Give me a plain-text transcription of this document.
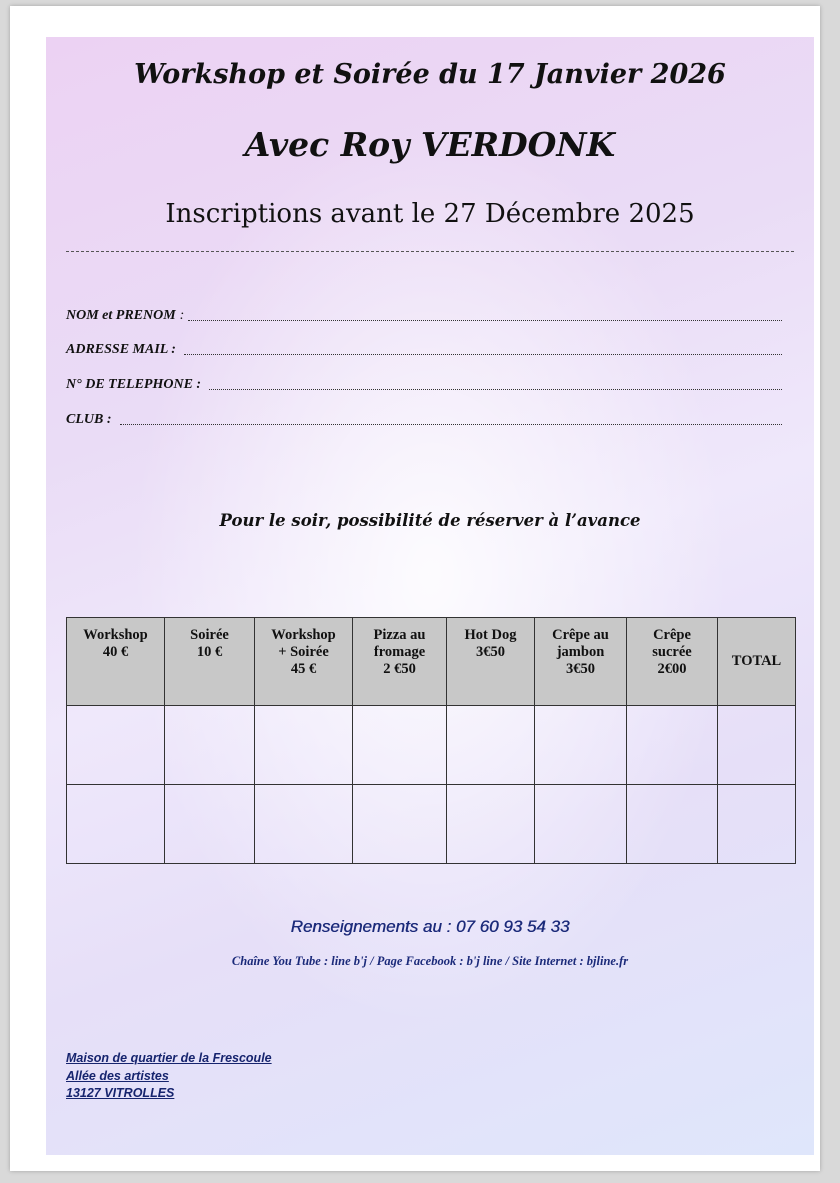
Workshop et Soirée du 17 Janvier 2026
Avec Roy VERDONK

Inscriptions avant le 27 Décembre 2025

NOM et PRENOM :
ADRESSE MAIL :
N° DE TELEPHONE :
CLUB :
Pour le soir, possibilité de réserver à l’avance
Workshop
40 €	Soirée
10 €	Workshop
+ Soirée
45 €	Pizza au
fromage
2 €50	Hot Dog
3€50	Crêpe au
jambon
3€50	Crêpe
sucrée
2€00	TOTAL

Renseignements au : 07 60 93 54 33
Chaîne You Tube : line b'j / Page Facebook : b'j line / Site Internet : bjline.fr
Maison de quartier de la Frescoule
Allée des artistes
13127 VITROLLES
